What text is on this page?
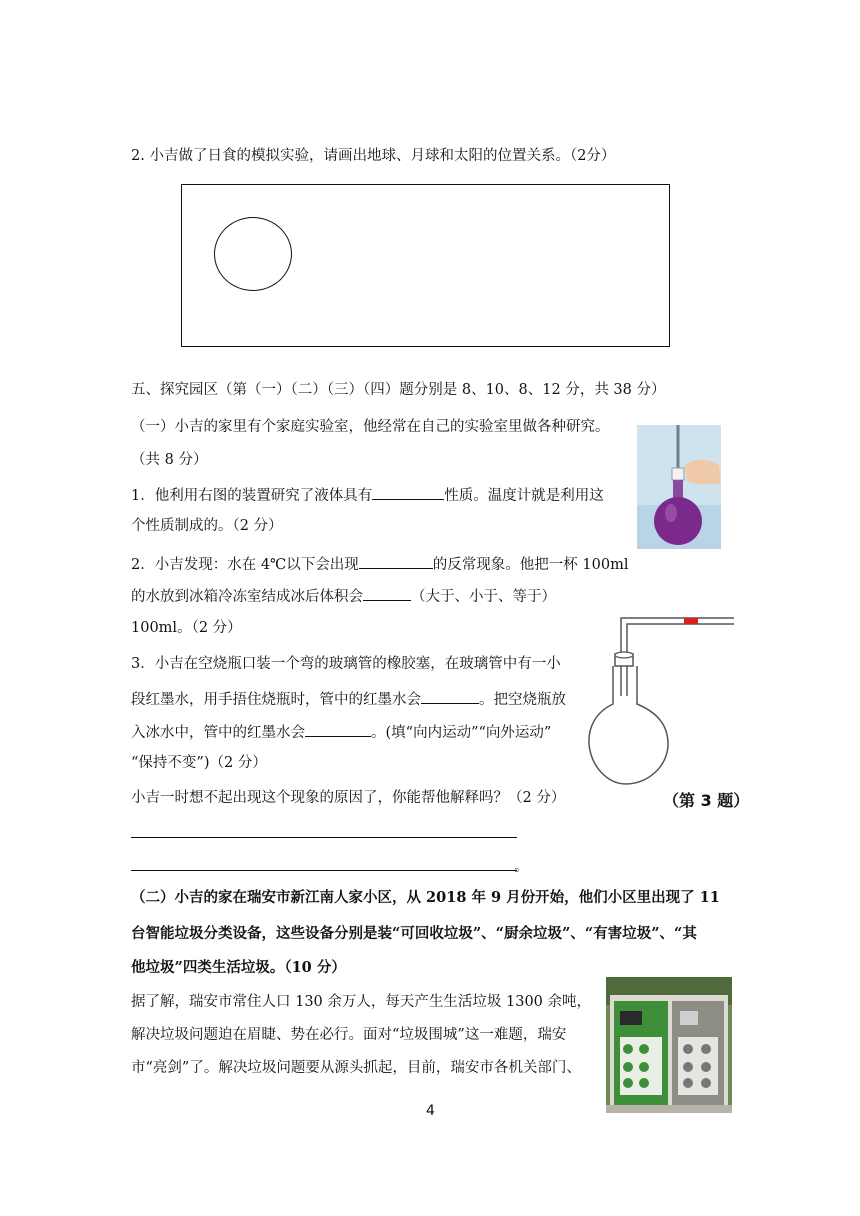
2. 小吉做了日食的模拟实验，请画出地球、月球和太阳的位置关系。（2分）
五、探究园区（第（一）（二）（三）（四）题分别是 8、10、8、12 分，共 38 分）
（一）小吉的家里有个家庭实验室，他经常在自己的实验室里做各种研究。
（共 8 分）
1．他利用右图的装置研究了液体具有	性质。温度计就是利用这
个性质制成的。（2 分）
2．小吉发现：水在 4℃以下会出现	的反常现象。他把一杯 100ml
的水放到冰箱冷冻室结成冰后体积会	（大于、小于、等于）
100ml。（2 分）
3．小吉在空烧瓶口装一个弯的玻璃管的橡胶塞，在玻璃管中有一小
段红墨水，用手捂住烧瓶时，管中的红墨水会	。把空烧瓶放
入冰水中，管中的红墨水会	。(填“向内运动”“向外运动”
“保持不变”)（2 分）
小吉一时想不起出现这个现象的原因了，你能帮他解释吗？（2 分）	（第 3 题）
。
（二）小吉的家在瑞安市新江南人家小区，从 2018 年 9 月份开始，他们小区里出现了 11
台智能垃圾分类设备，这些设备分别是装“可回收垃圾”、“厨余垃圾”、“有害垃圾”、“其
他垃圾”四类生活垃圾。（10 分）
据了解，瑞安市常住人口 130 余万人，每天产生生活垃圾 1300 余吨，
解决垃圾问题迫在眉睫、势在必行。面对“垃圾围城”这一难题，瑞安
市“亮剑”了。解决垃圾问题要从源头抓起，目前，瑞安市各机关部门、
4
